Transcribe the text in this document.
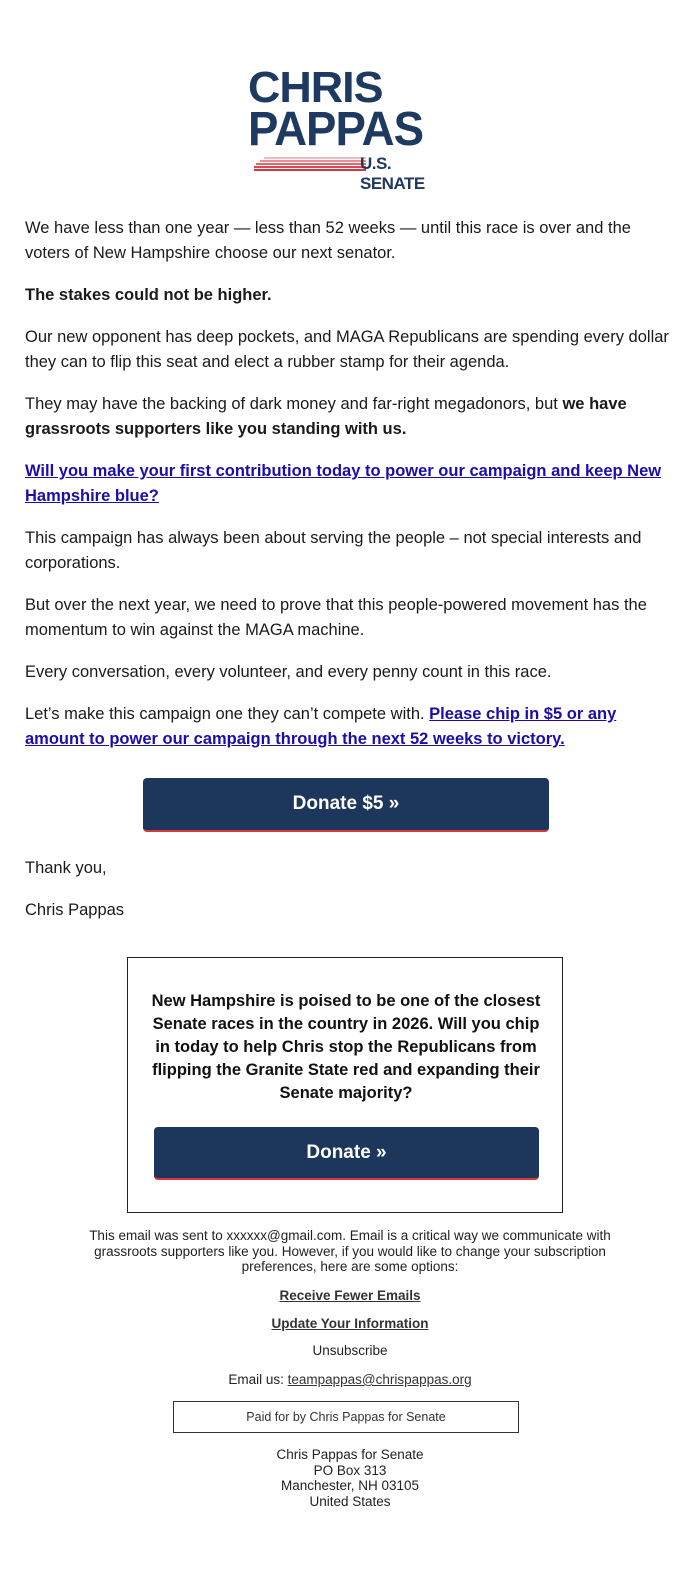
CHRIS
PAPPAS
U.S. SENATE

We have less than one year — less than 52 weeks — until this race is over and the voters of New Hampshire choose our next senator.

The stakes could not be higher.

Our new opponent has deep pockets, and MAGA Republicans are spending every dollar they can to flip this seat and elect a rubber stamp for their agenda.

They may have the backing of dark money and far-right megadonors, but we have grassroots supporters like you standing with us.

Will you make your first contribution today to power our campaign and keep New Hampshire blue?

This campaign has always been about serving the people – not special interests and corporations.

But over the next year, we need to prove that this people-powered movement has the momentum to win against the MAGA machine.

Every conversation, every volunteer, and every penny count in this race.

Let’s make this campaign one they can’t compete with. Please chip in $5 or any amount to power our campaign through the next 52 weeks to victory.

Donate $5 »
Thank you,
Chris Pappas
New Hampshire is poised to be one of the closest Senate races in the country in 2026. Will you chip in today to help Chris stop the Republicans from flipping the Granite State red and expanding their Senate majority?
Donate »
This email was sent to xxxxxx@gmail.com. Email is a critical way we communicate with grassroots supporters like you. However, if you would like to change your subscription preferences, here are some options:
Receive Fewer Emails
Update Your Information
Unsubscribe
Email us: teampappas@chrispappas.org
Paid for by Chris Pappas for Senate
Chris Pappas for Senate
PO Box 313
Manchester, NH 03105
United States
